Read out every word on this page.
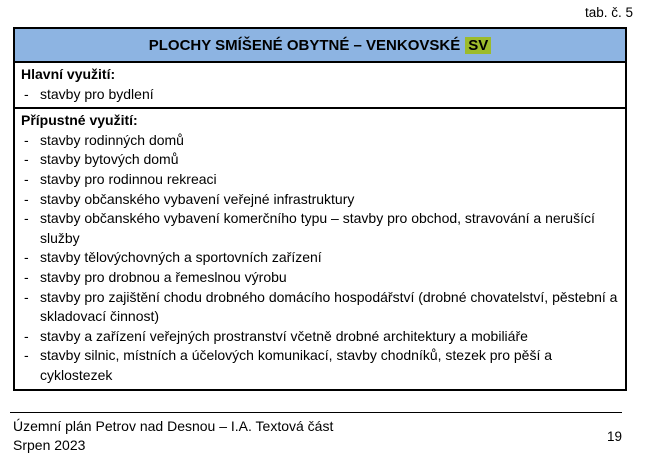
tab. č. 5
PLOCHY SMÍŠENÉ OBYTNÉ – VENKOVSKÉ SV
Hlavní využití:
- stavby pro bydlení
Přípustné využití:
- stavby rodinných domů
- stavby bytových domů
- stavby pro rodinnou rekreaci
- stavby občanského vybavení veřejné infrastruktury
- stavby občanského vybavení komerčního typu – stavby pro obchod, stravování a nerušící služby
- stavby tělovýchovných a sportovních zařízení
- stavby pro drobnou a řemeslnou výrobu
- stavby pro zajištění chodu drobného domácího hospodářství (drobné chovatelství, pěstební a skladovací činnost)
- stavby a zařízení veřejných prostranství včetně drobné architektury a mobiliáře
- stavby silnic, místních a účelových komunikací, stavby chodníků, stezek pro pěší a cyklostezek
Územní plán Petrov nad Desnou – I.A. Textová část
Srpen 2023
19
